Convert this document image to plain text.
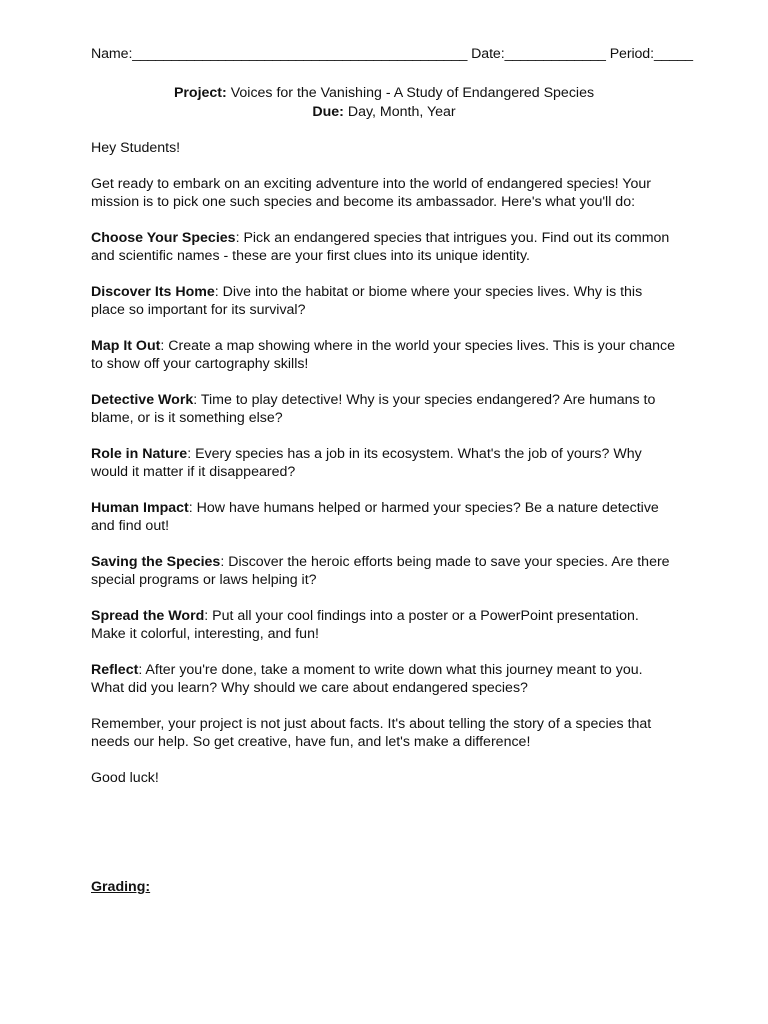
Name:___________________________________________ Date:_____________ Period:_____
Project: Voices for the Vanishing - A Study of Endangered Species
Due: Day, Month, Year
Hey Students!
Get ready to embark on an exciting adventure into the world of endangered species! Your mission is to pick one such species and become its ambassador. Here's what you'll do:
Choose Your Species: Pick an endangered species that intrigues you. Find out its common and scientific names - these are your first clues into its unique identity.
Discover Its Home: Dive into the habitat or biome where your species lives. Why is this place so important for its survival?
Map It Out: Create a map showing where in the world your species lives. This is your chance to show off your cartography skills!
Detective Work: Time to play detective! Why is your species endangered? Are humans to blame, or is it something else?
Role in Nature: Every species has a job in its ecosystem. What's the job of yours? Why would it matter if it disappeared?
Human Impact: How have humans helped or harmed your species? Be a nature detective and find out!
Saving the Species: Discover the heroic efforts being made to save your species. Are there special programs or laws helping it?
Spread the Word: Put all your cool findings into a poster or a PowerPoint presentation. Make it colorful, interesting, and fun!
Reflect: After you're done, take a moment to write down what this journey meant to you. What did you learn? Why should we care about endangered species?
Remember, your project is not just about facts. It's about telling the story of a species that needs our help. So get creative, have fun, and let's make a difference!
Good luck!
Grading:
